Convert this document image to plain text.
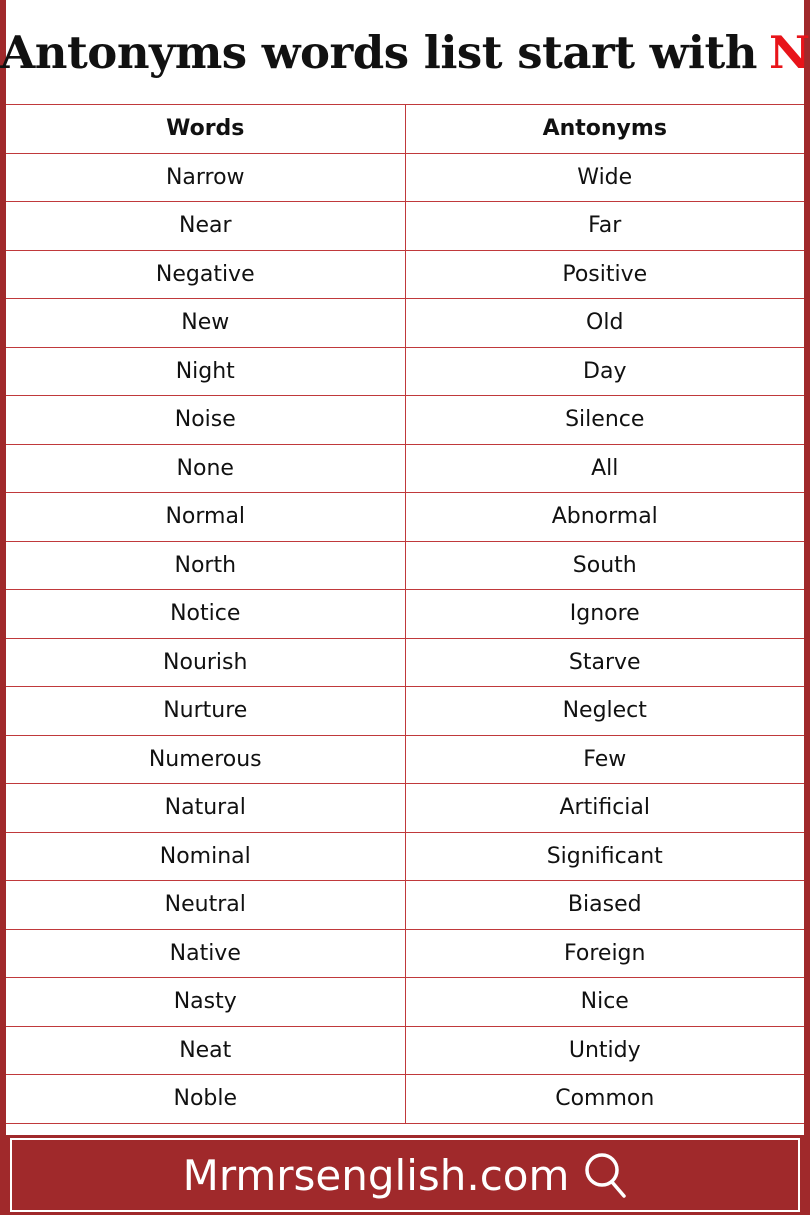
Antonyms words list start with N
Words	Antonyms
Narrow	Wide
Near	Far
Negative	Positive
New	Old
Night	Day
Noise	Silence
None	All
Normal	Abnormal
North	South
Notice	Ignore
Nourish	Starve
Nurture	Neglect
Numerous	Few
Natural	Artificial
Nominal	Significant
Neutral	Biased
Native	Foreign
Nasty	Nice
Neat	Untidy
Noble	Common
Mrmrsenglish.com
